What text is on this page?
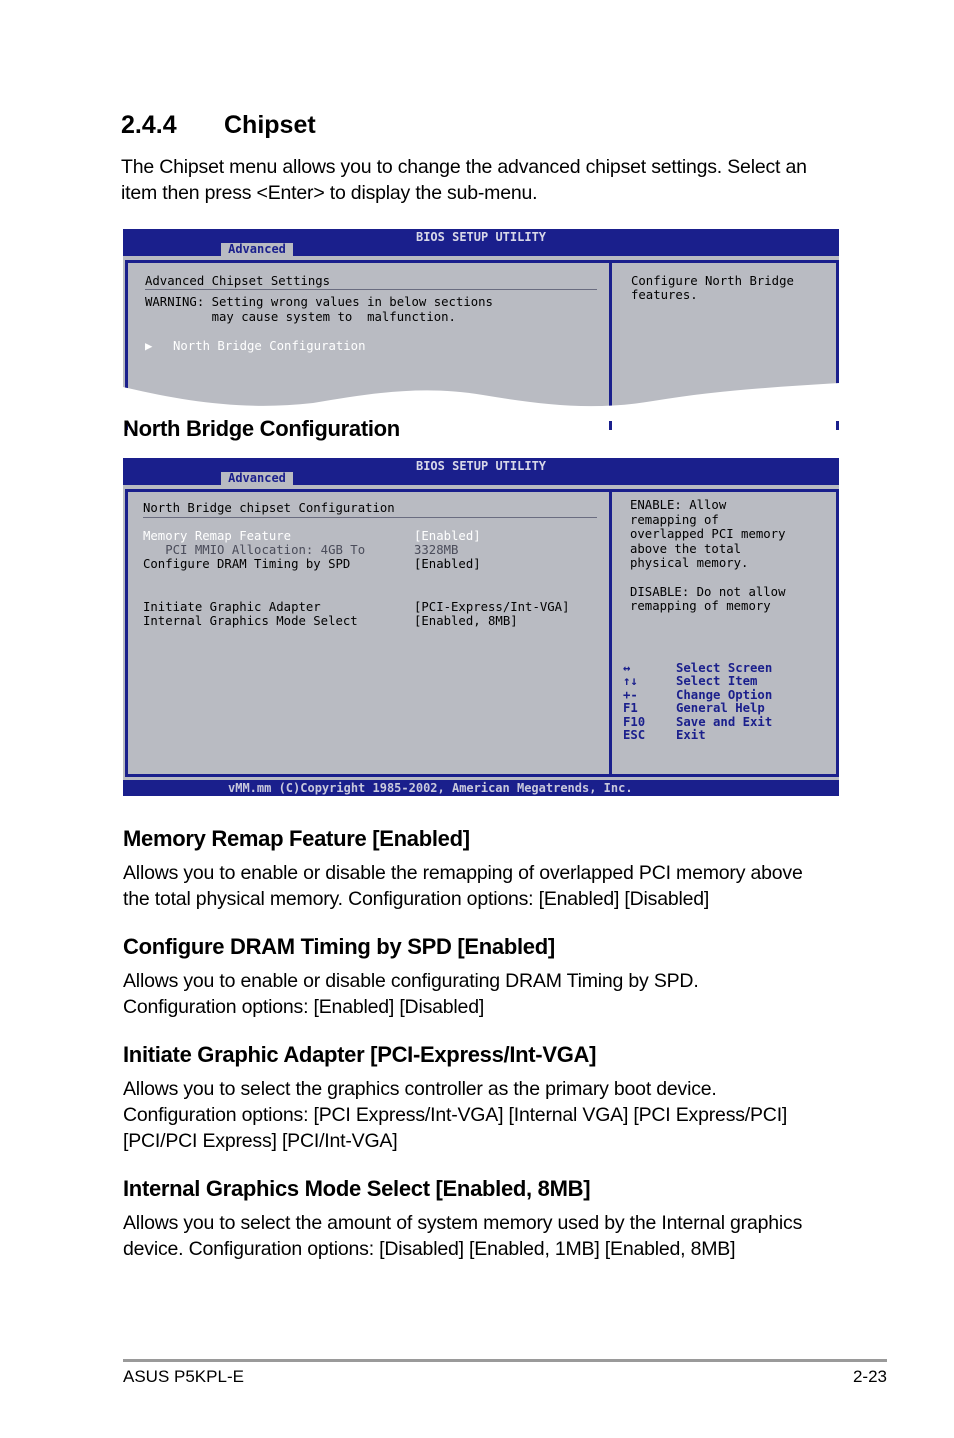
2.4.4 Chipset
The Chipset menu allows you to change the advanced chipset settings. Select an
item then press <Enter> to display the sub-menu.
BIOS SETUP UTILITY
Advanced
Advanced Chipset Settings
WARNING: Setting wrong values in below sections
may cause system to  malfunction.
▶ North Bridge Configuration
Configure North Bridge
features.
North Bridge Configuration
BIOS SETUP UTILITY
Advanced
North Bridge chipset Configuration
Memory Remap Feature	[Enabled]
PCI MMIO Allocation: 4GB To	3328MB
Configure DRAM Timing by SPD	[Enabled]
Initiate Graphic Adapter	[PCI-Express/Int-VGA]
Internal Graphics Mode Select	[Enabled, 8MB]
ENABLE: Allow
remapping of
overlapped PCI memory
above the total
physical memory.
DISABLE: Do not allow
remapping of memory
↔	Select Screen
↑↓	Select Item
+-	Change Option
F1	General Help
F10	Save and Exit
ESC	Exit
vMM.mm (C)Copyright 1985-2002, American Megatrends, Inc.
Memory Remap Feature [Enabled]
Allows you to enable or disable the remapping of overlapped PCI memory above
the total physical memory. Configuration options: [Enabled] [Disabled]
Configure DRAM Timing by SPD [Enabled]
Allows you to enable or disable configurating DRAM Timing by SPD.
Configuration options: [Enabled] [Disabled]
Initiate Graphic Adapter [PCI-Express/Int-VGA]
Allows you to select the graphics controller as the primary boot device.
Configuration options: [PCI Express/Int-VGA] [Internal VGA] [PCI Express/PCI]
[PCI/PCI Express] [PCI/Int-VGA]
Internal Graphics Mode Select [Enabled, 8MB]
Allows you to select the amount of system memory used by the Internal graphics
device. Configuration options: [Disabled] [Enabled, 1MB] [Enabled, 8MB]
ASUS P5KPL-E	2-23
